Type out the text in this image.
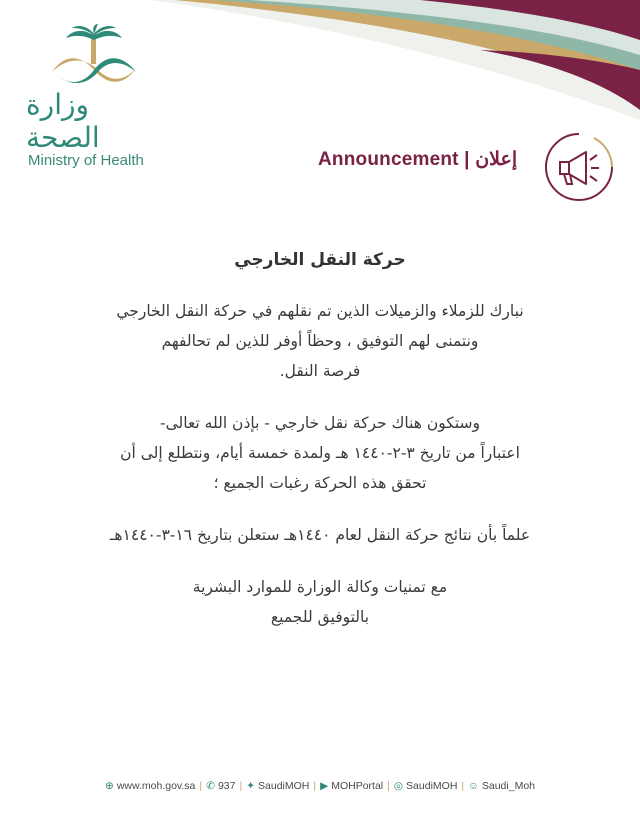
وزارة الصحة
Ministry of Health	Announcement | إعلان
حركة النقل الخارجي
نبارك للزملاء والزميلات الذين تم نقلهم في حركة النقل الخارجي
ونتمنى لهم التوفيق ، وحظاً أوفر للذين لم تحالفهم
فرصة النقل.
وستكون هناك حركة نقل خارجي - بإذن الله تعالى-
اعتباراً من تاريخ ٣-٢-١٤٤٠ هـ ولمدة خمسة أيام، ونتطلع إلى أن
تحقق هذه الحركة رغبات الجميع ؛
علماً بأن نتائج حركة النقل لعام ١٤٤٠هـ ستعلن بتاريخ ١٦-٣-١٤٤٠هـ
مع تمنيات وكالة الوزارة للموارد البشرية
بالتوفيق للجميع
⊕ www.moh.gov.sa | ✆ 937 | ✦ SaudiMOH | ▶ MOHPortal | ◎ SaudiMOH | ☺ Saudi_Moh
